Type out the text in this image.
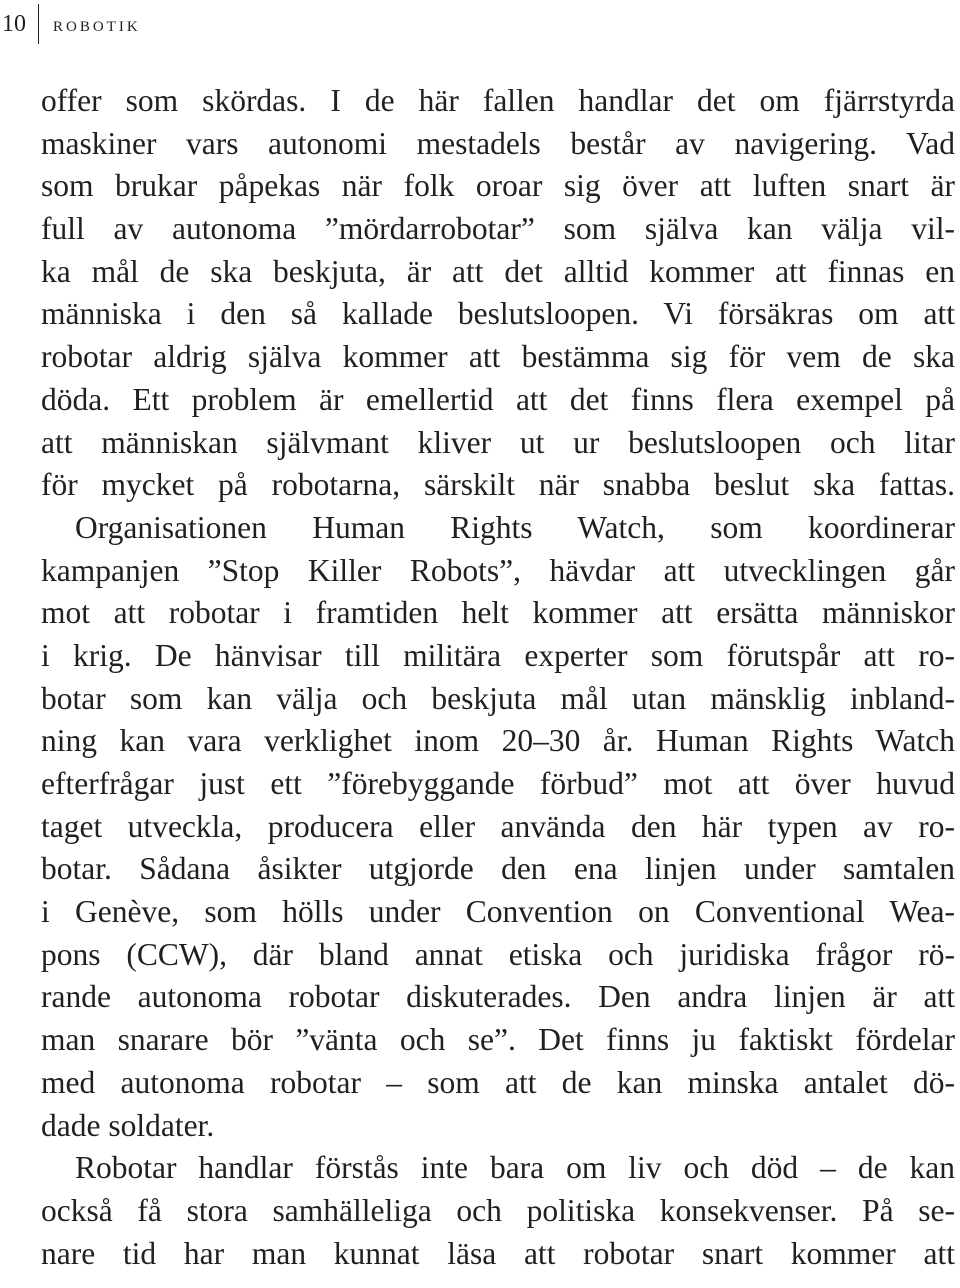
10 robotik
offer som skördas. I de här fallen handlar det om fjärrstyrda
maskiner vars autonomi mestadels består av navigering. Vad
som brukar påpekas när folk oroar sig över att luften snart är
full av autonoma ”mördarrobotar” som själva kan välja vil-
ka mål de ska beskjuta, är att det alltid kommer att finnas en
människa i den så kallade beslutsloopen. Vi försäkras om att
robotar aldrig själva kommer att bestämma sig för vem de ska
döda. Ett problem är emellertid att det finns flera exempel på
att människan självmant kliver ut ur beslutsloopen och litar
för mycket på robotarna, särskilt när snabba beslut ska fattas.
Organisationen Human Rights Watch, som koordinerar
kampanjen ”Stop Killer Robots”, hävdar att utvecklingen går
mot att robotar i framtiden helt kommer att ersätta människor
i krig. De hänvisar till militära experter som förutspår att ro-
botar som kan välja och beskjuta mål utan mänsklig inbland-
ning kan vara verklighet inom 20–30 år. Human Rights Watch
efterfrågar just ett ”förebyggande förbud” mot att över huvud
taget utveckla, producera eller använda den här typen av ro-
botar. Sådana åsikter utgjorde den ena linjen under samtalen
i Genève, som hölls under Convention on Conventional Wea-
pons (CCW), där bland annat etiska och juridiska frågor rö-
rande autonoma robotar diskuterades. Den andra linjen är att
man snarare bör ”vänta och se”. Det finns ju faktiskt fördelar
med autonoma robotar – som att de kan minska antalet dö-
dade soldater.
Robotar handlar förstås inte bara om liv och död – de kan
också få stora samhälleliga och politiska konsekvenser. På se-
nare tid har man kunnat läsa att robotar snart kommer att
